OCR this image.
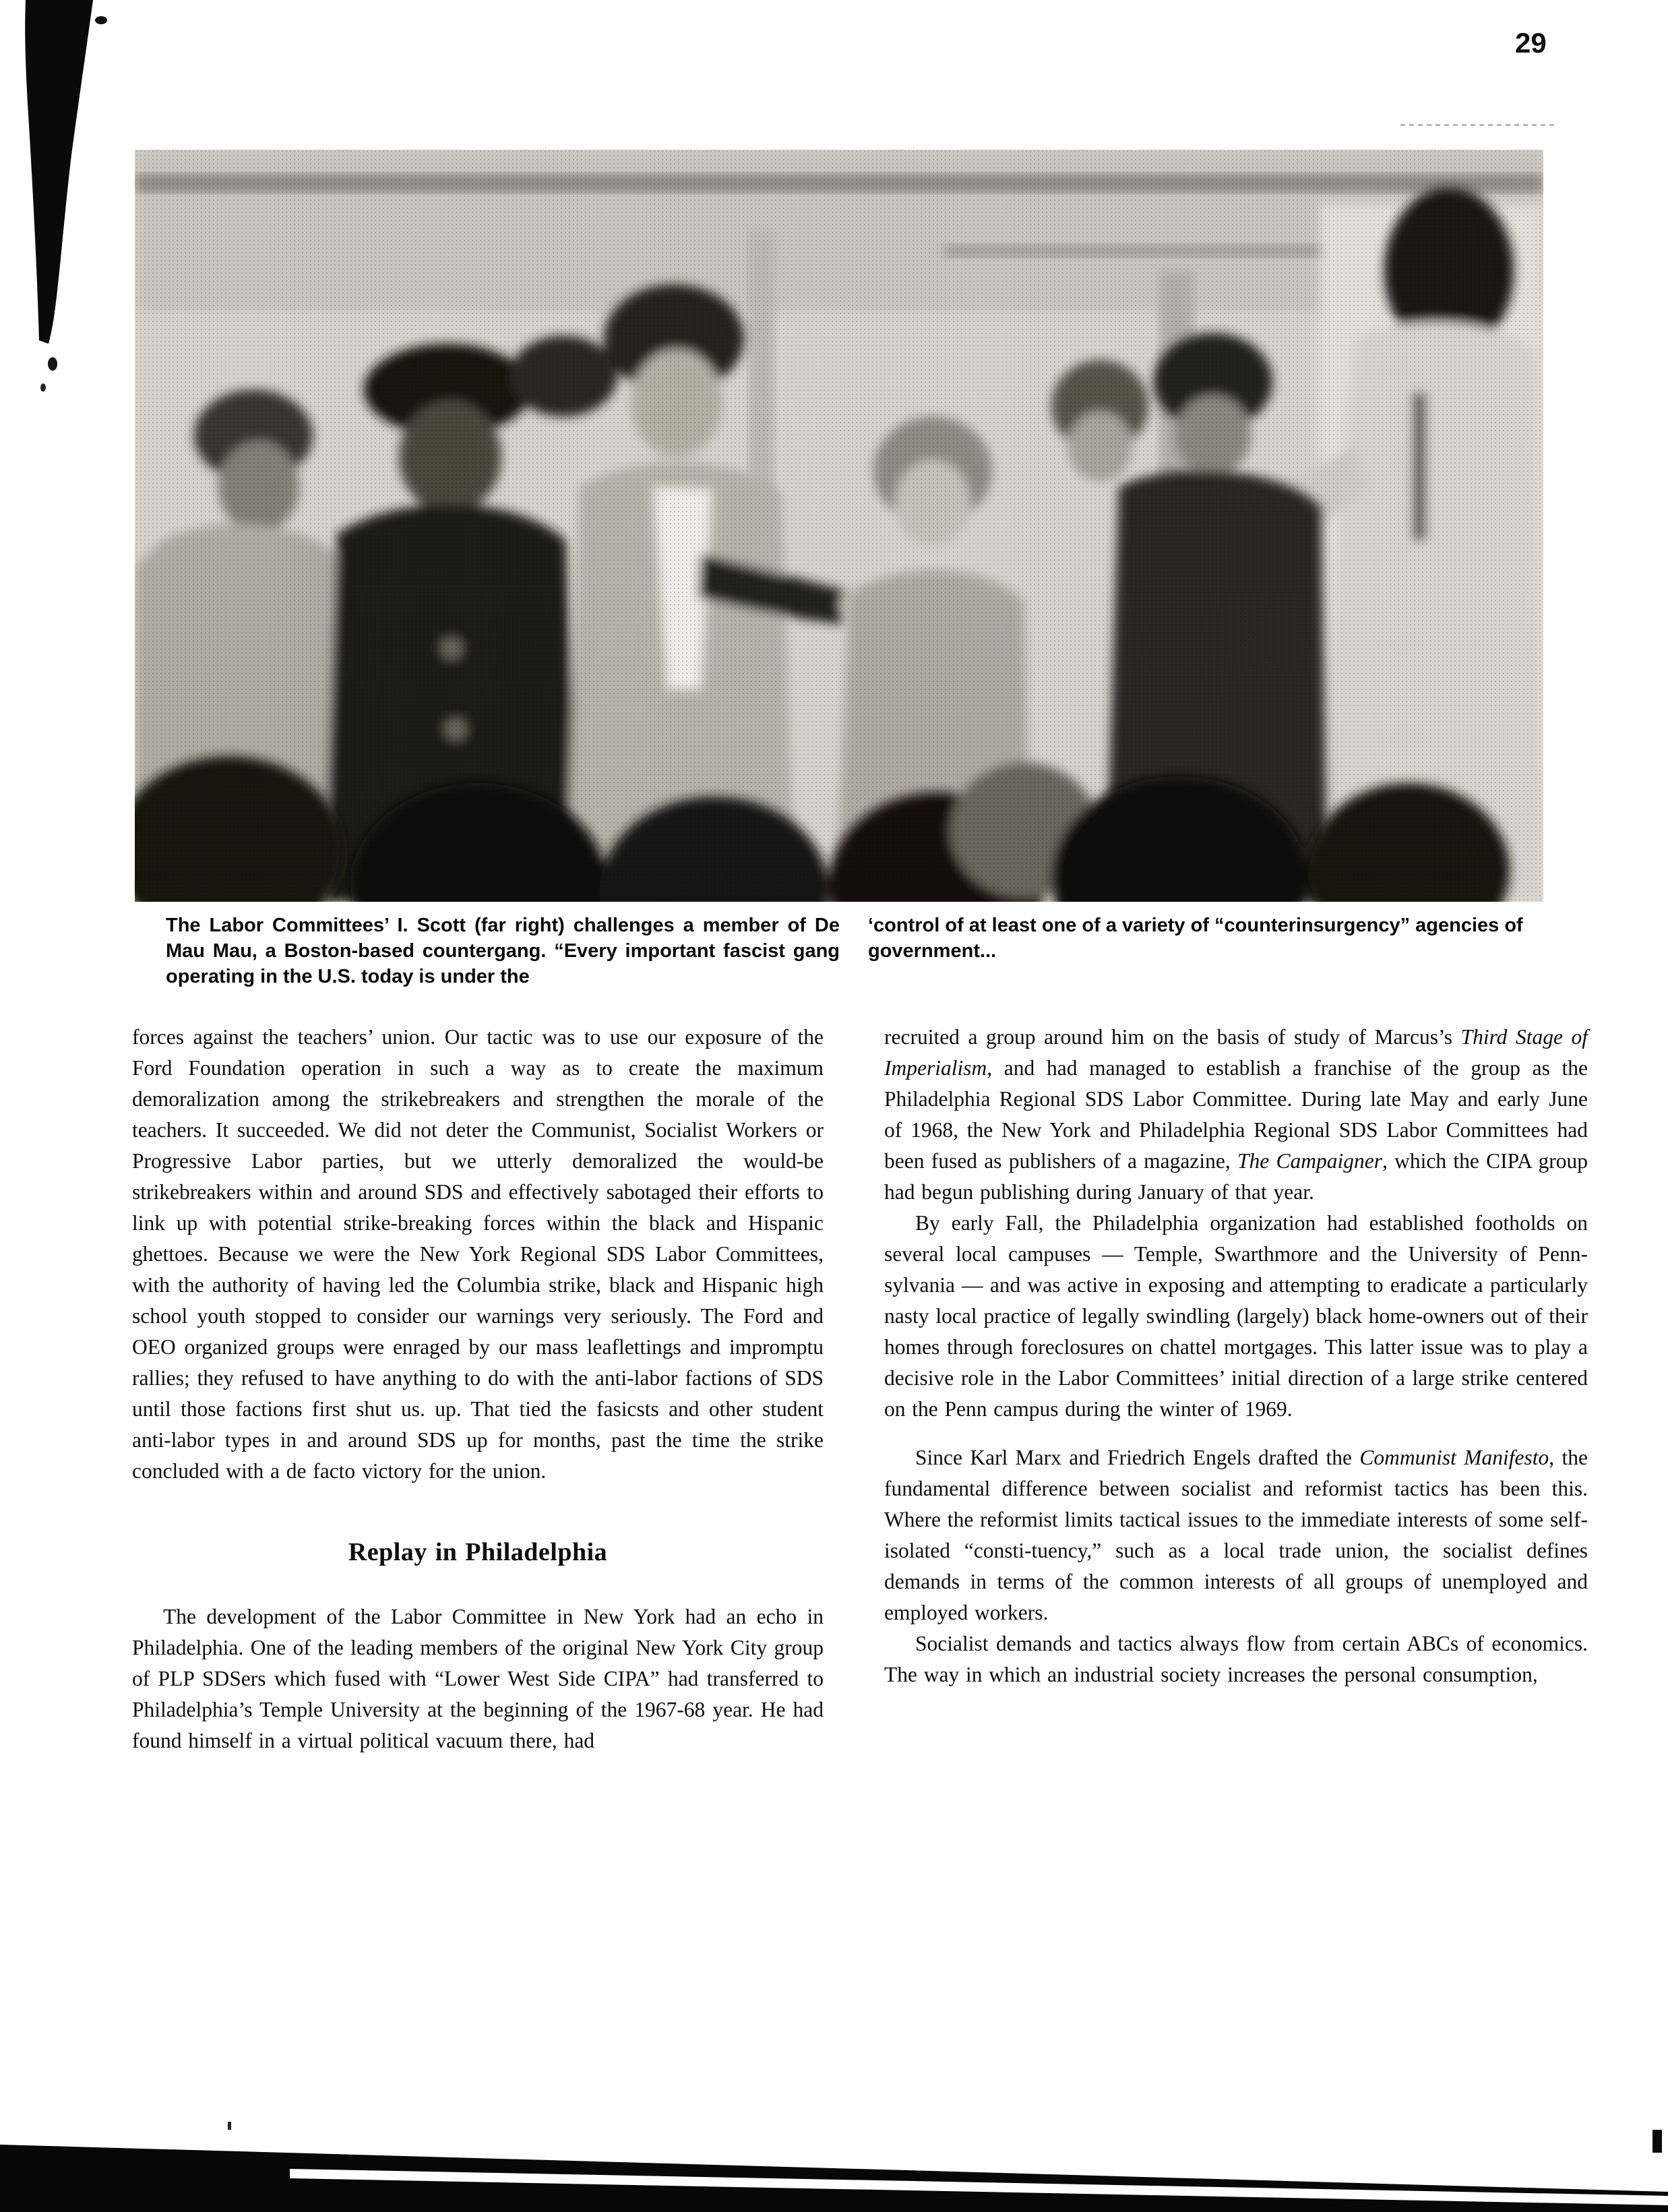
29
The Labor Committees’ I. Scott (far right) challenges a member of De Mau Mau, a Boston-based countergang. “Every important fascist gang operating in the U.S. today is under the
‘control of at least one of a variety of “counterinsurgency” agencies of government...

forces against the teachers’ union. Our tactic was to use our exposure of the Ford Foundation operation in such a way as to create the maximum demoralization among the strikebreakers and strengthen the morale of the teachers. It succeeded. We did not deter the Communist, Socialist Workers or Progressive Labor parties, but we utterly demoralized the would-be strikebreakers within and around SDS and effectively sabotaged their efforts to link up with potential strike-breaking forces within the black and Hispanic ghettoes. Because we were the New York Regional SDS Labor Committees, with the authority of having led the Columbia strike, black and Hispanic high school youth stopped to consider our warnings very seriously. The Ford and OEO organized groups were enraged by our mass leaflettings and impromptu rallies; they refused to have anything to do with the anti-labor factions of SDS until those factions first shut us. up. That tied the fasicsts and other student anti-labor types in and around SDS up for months, past the time the strike concluded with a de facto victory for the union.

Replay in Philadelphia

The development of the Labor Committee in New York had an echo in Philadelphia. One of the leading members of the original New York City group of PLP SDSers which fused with “Lower West Side CIPA” had transferred to Philadelphia’s Temple University at the beginning of the 1967-68 year. He had found himself in a virtual political vacuum there, had

recruited a group around him on the basis of study of Marcus’s Third Stage of Imperialism, and had managed to establish a franchise of the group as the Philadelphia Regional SDS Labor Committee. During late May and early June of 1968, the New York and Philadelphia Regional SDS Labor Committees had been fused as publishers of a magazine, The Campaigner, which the CIPA group had begun publishing during January of that year.

By early Fall, the Philadelphia organization had established footholds on several local campuses — Temple, Swarthmore and the University of Penn-sylvania — and was active in exposing and attempting to eradicate a particularly nasty local practice of legally swindling (largely) black home-owners out of their homes through foreclosures on chattel mortgages. This latter issue was to play a decisive role in the Labor Committees’ initial direction of a large strike centered on the Penn campus during the winter of 1969.

Since Karl Marx and Friedrich Engels drafted the Communist Manifesto, the fundamental difference between socialist and reformist tactics has been this. Where the reformist limits tactical issues to the immediate interests of some self-isolated “consti-tuency,” such as a local trade union, the socialist defines demands in terms of the common interests of all groups of unemployed and employed workers.

Socialist demands and tactics always flow from certain ABCs of economics. The way in which an industrial society increases the personal consumption,
